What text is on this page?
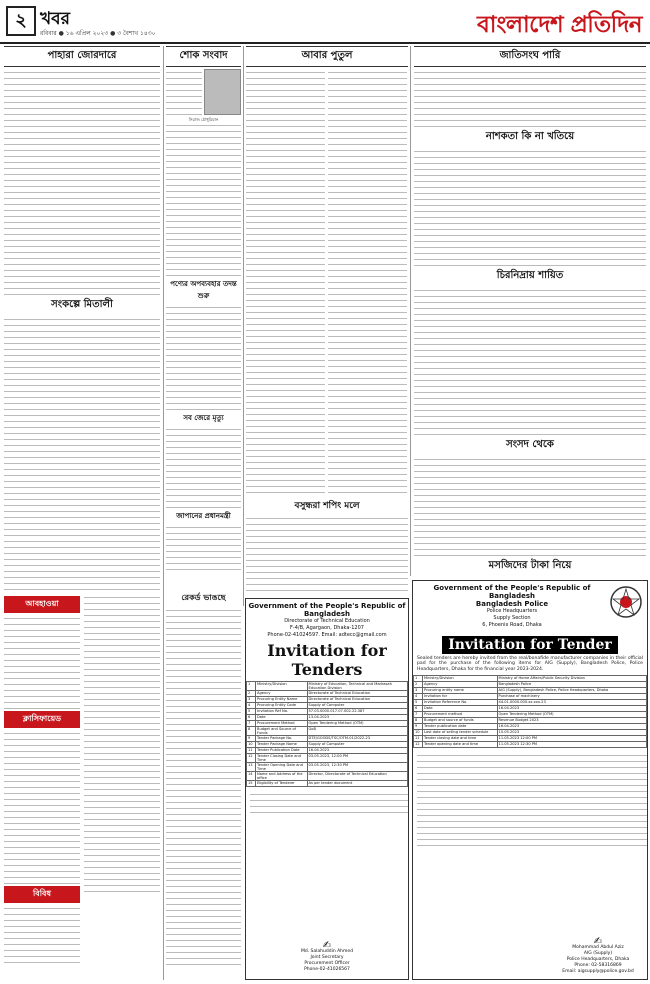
২ খবর
রবিবার ● ১৬ এপ্রিল ২০২৩ ● ৩ বৈশাখ ১৪৩০	বাংলাদেশ প্রতিদিন
পাহারা জোরদারে
সংকল্পে মিতালী
আবহাওয়া
ক্লাসিফায়েড
বিবিধ
শোক সংবাদ
সিরাজ চৌধুরিয়ান
পণ্যের অপব্যবহার তদন্ত শুরু
সব জেরে মৃত্যু
জাপানের প্রধানমন্ত্রী
রেকর্ড ভাঙছে
আবার পুতুল
বসুন্ধরা শপিং মলে
জাতিসংঘ পারি
নাশকতা কি না খতিয়ে
চিরনিদ্রায় শায়িত
সংসদ থেকে
মসজিদের টাকা নিয়ে
Government of the People's Republic of Bangladesh
Directorate of Technical Education
F-4/B, Agargaon, Dhaka-1207
Phone-02-41024597. Email: adtecc@gmail.com
Invitation for Tenders
1	Ministry/Division	Ministry of Education, Technical and Madrasah Education Division
2	Agency	Directorate of Technical Education
3	Procuring Entity Name	Directorate of Technical Education
4	Procuring Entity Code	Supply of Computer
5	Invitation Ref No.	57.03.0000.017.07.002.22.387
6	Date	13.04.2023
7	Procurement Method	Open Tendering Method (OTM)
8	Budget and Source of Funds	GoB
9	Tender Package No.	DTE/GOODS/TSC/OTM-01/2022-23
10	Tender Package Name	Supply of Computer
11	Tender Publication Date	16.04.2023
12	Tender Closing Date and Time	03.05.2023, 12:00 PM
13	Tender Opening Date and Time	03.05.2023, 12:30 PM
14	Name and Address of the office	Director, Directorate of Technical Education
15	Eligibility of Tenderer	As per tender document
✍
Md. Salahuddin Ahmed
Joint Secretary
Procurement Officer
Phone-02-41026567
Government of the People's Republic of Bangladesh
Bangladesh Police
Police Headquarters
Supply Section
6, Phoenix Road, Dhaka
Invitation for Tender
Sealed tenders are hereby invited from the real/bonafide manufacturer companies in their official pad for the purchase of the following items for AIG (Supply), Bangladesh Police, Police Headquarters, Dhaka for the financial year 2023-2024.
1	Ministry/Division	Ministry of Home Affairs/Public Security Division
2	Agency	Bangladesh Police
3	Procuring entity name	AIG (Supply), Bangladesh Police, Police Headquarters, Dhaka
4	Invitation for	Purchase of machinery
5	Invitation Reference No.	44.01.0000.000.xx.xxx.23
6	Date	16.04.2023
7	Procurement method	Open Tendering Method (OTM)
8	Budget and source of funds	Revenue Budget 2023
9	Tender publication date	16.04.2023
10	Last date of selling tender schedule	10.05.2023
11	Tender closing date and time	11.05.2023 12:00 PM
12	Tender opening date and time	11.05.2023 12:30 PM
✍
Mohammad Abdul Aziz
AIG (Supply)
Police Headquarters, Dhaka
Phone: 02-58316869
Email: aigsupply@police.gov.bd
